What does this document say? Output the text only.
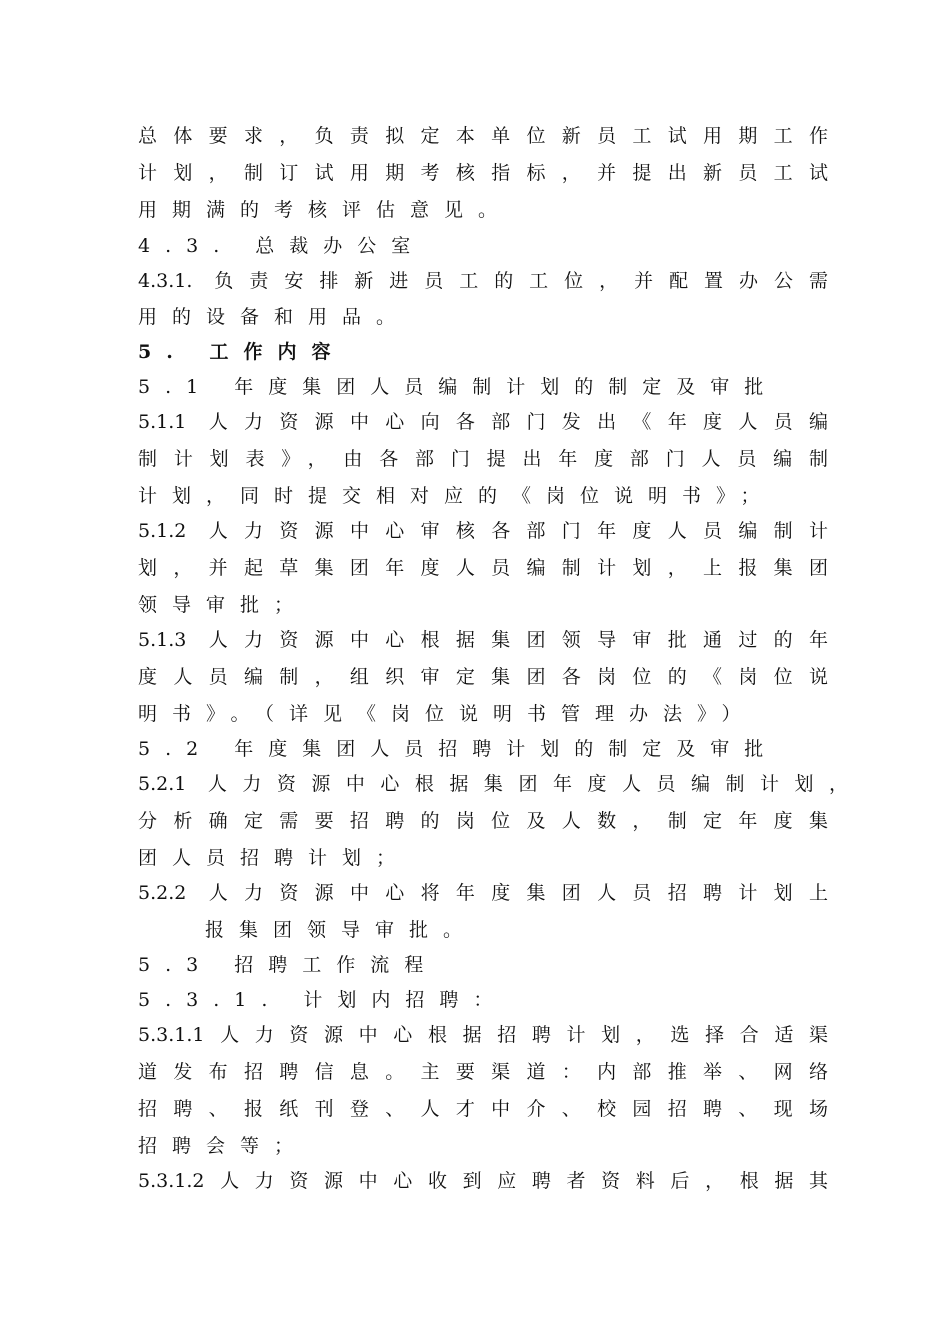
总体要求，负责拟定本单位新员工试用期工作
计划，制订试用期考核指标，并提出新员工试
用期满的考核评估意见。
4.3. 总裁办公室
4.3.1. 负责安排新进员工的工位，并配置办公需
用的设备和用品。
5. 工作内容
5.1 年度集团人员编制计划的制定及审批
5.1.1 人力资源中心向各部门发出《年度人员编
制计划表》，由各部门提出年度部门人员编制
计划，同时提交相对应的《岗位说明书》；
5.1.2 人力资源中心审核各部门年度人员编制计
划，并起草集团年度人员编制计划，上报集团
领导审批；
5.1.3 人力资源中心根据集团领导审批通过的年
度人员编制，组织审定集团各岗位的《岗位说
明书》。（详见《岗位说明书管理办法》）
5.2 年度集团人员招聘计划的制定及审批
5.2.1 人力资源中心根据集团年度人员编制计划，
分析确定需要招聘的岗位及人数，制定年度集
团人员招聘计划；
5.2.2 人力资源中心将年度集团人员招聘计划上
报集团领导审批。
5.3 招聘工作流程
5.3.1. 计划内招聘：
5.3.1.1人力资源中心根据招聘计划，选择合适渠
道发布招聘信息。主要渠道：内部推举、网络
招聘、报纸刊登、人才中介、校园招聘、现场
招聘会等；
5.3.1.2人力资源中心收到应聘者资料后，根据其
